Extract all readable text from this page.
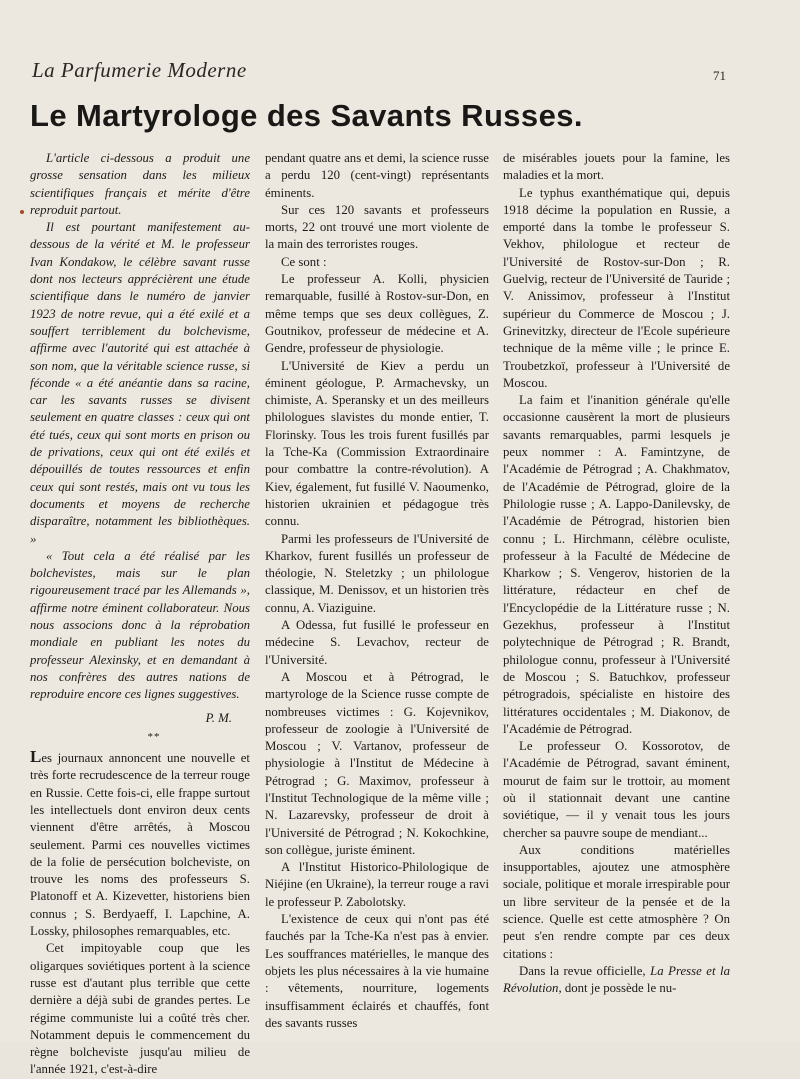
La Parfumerie Moderne	71
Le Martyrologe des Savants Russes.

L'article ci-dessous a produit une grosse sensation dans les milieux scientifiques français et mérite d'être reproduit partout.

Il est pourtant manifestement au-dessous de la vérité et M. le professeur Ivan Kondakow, le célèbre savant russe dont nos lecteurs apprécièrent une étude scientifique dans le numéro de janvier 1923 de notre revue, qui a été exilé et a souffert terriblement du bolchevisme, affirme avec l'autorité qui est attachée à son nom, que la véritable science russe, si féconde « a été anéantie dans sa racine, car les savants russes se divisent seulement en quatre classes : ceux qui ont été tués, ceux qui sont morts en prison ou de privations, ceux qui ont été exilés et dépouillés de toutes ressources et enfin ceux qui sont restés, mais ont vu tous les documents et moyens de recherche disparaître, notamment les bibliothèques. »

« Tout cela a été réalisé par les bolchevistes, mais sur le plan rigoureusement tracé par les Allemands », affirme notre éminent collaborateur. Nous nous associons donc à la réprobation mondiale en publiant les notes du professeur Alexinsky, et en demandant à nos confrères des autres nations de reproduire encore ces lignes suggestives.

P. M.
**

Les journaux annoncent une nouvelle et très forte recrudescence de la terreur rouge en Russie. Cette fois-ci, elle frappe surtout les intellectuels dont environ deux cents viennent d'être arrêtés, à Moscou seulement. Parmi ces nouvelles victimes de la folie de persécution bolcheviste, on trouve les noms des professeurs S. Platonoff et A. Kizevetter, historiens bien connus ; S. Berdyaeff, I. Lapchine, A. Lossky, philosophes remarquables, etc.

Cet impitoyable coup que les oligarques soviétiques portent à la science russe est d'autant plus terrible que cette dernière a déjà subi de grandes pertes. Le régime communiste lui a coûté très cher. Notamment depuis le commencement du règne bolcheviste jusqu'au milieu de l'année 1921, c'est-à-dire

pendant quatre ans et demi, la science russe a perdu 120 (cent-vingt) représentants éminents.

Sur ces 120 savants et professeurs morts, 22 ont trouvé une mort violente de la main des terroristes rouges.

Ce sont :

Le professeur A. Kolli, physicien remarquable, fusillé à Rostov-sur-Don, en même temps que ses deux collègues, Z. Goutnikov, professeur de médecine et A. Gendre, professeur de physiologie.

L'Université de Kiev a perdu un éminent géologue, P. Armachevsky, un chimiste, A. Speransky et un des meilleurs philologues slavistes du monde entier, T. Florinsky. Tous les trois furent fusillés par la Tche-Ka (Commission Extraordinaire pour combattre la contre-révolution). A Kiev, également, fut fusillé V. Naoumenko, historien ukrainien et pédagogue très connu.

Parmi les professeurs de l'Université de Kharkov, furent fusillés un professeur de théologie, N. Steletzky ; un philologue classique, M. Denissov, et un historien très connu, A. Viaziguine.

A Odessa, fut fusillé le professeur en médecine S. Levachov, recteur de l'Université.

A Moscou et à Pétrograd, le martyrologe de la Science russe compte de nombreuses victimes : G. Kojevnikov, professeur de zoologie à l'Université de Moscou ; V. Vartanov, professeur de physiologie à l'Institut de Médecine à Pétrograd ; G. Maximov, professeur à l'Institut Technologique de la même ville ; N. Lazarevsky, professeur de droit à l'Université de Pétrograd ; N. Kokochkine, son collègue, juriste éminent.

A l'Institut Historico-Philologique de Niéjine (en Ukraine), la terreur rouge a ravi le professeur P. Zabolotsky.

L'existence de ceux qui n'ont pas été fauchés par la Tche-Ka n'est pas à envier. Les souffrances matérielles, le manque des objets les plus nécessaires à la vie humaine : vêtements, nourriture, logements insuffisamment éclairés et chauffés, font des savants russes

de misérables jouets pour la famine, les maladies et la mort.

Le typhus exanthématique qui, depuis 1918 décime la population en Russie, a emporté dans la tombe le professeur S. Vekhov, philologue et recteur de l'Université de Rostov-sur-Don ; R. Guelvig, recteur de l'Université de Tauride ; V. Anissimov, professeur à l'Institut supérieur du Commerce de Moscou ; J. Grinevitzky, directeur de l'Ecole supérieure technique de la même ville ; le prince E. Troubetzkoï, professeur à l'Université de Moscou.

La faim et l'inanition générale qu'elle occasionne causèrent la mort de plusieurs savants remarquables, parmi lesquels je peux nommer : A. Famintzyne, de l'Académie de Pétrograd ; A. Chakhmatov, de l'Académie de Pétrograd, gloire de la Philologie russe ; A. Lappo-Danilevsky, de l'Académie de Pétrograd, historien bien connu ; L. Hirchmann, célèbre oculiste, professeur à la Faculté de Médecine de Kharkow ; S. Vengerov, historien de la littérature, rédacteur en chef de l'Encyclopédie de la Littérature russe ; N. Gezekhus, professeur à l'Institut polytechnique de Pétrograd ; R. Brandt, philologue connu, professeur à l'Université de Moscou ; S. Batuchkov, professeur pétrogradois, spécialiste en histoire des littératures occidentales ; M. Diakonov, de l'Académie de Pétrograd.

Le professeur O. Kossorotov, de l'Académie de Pétrograd, savant éminent, mourut de faim sur le trottoir, au moment où il stationnait devant une cantine soviétique, — il y venait tous les jours chercher sa pauvre soupe de mendiant...

Aux conditions matérielles insupportables, ajoutez une atmosphère sociale, politique et morale irrespirable pour un libre serviteur de la pensée et de la science. Quelle est cette atmosphère ? On peut s'en rendre compte par ces deux citations :

Dans la revue officielle, La Presse et la Révolution, dont je possède le nu-
